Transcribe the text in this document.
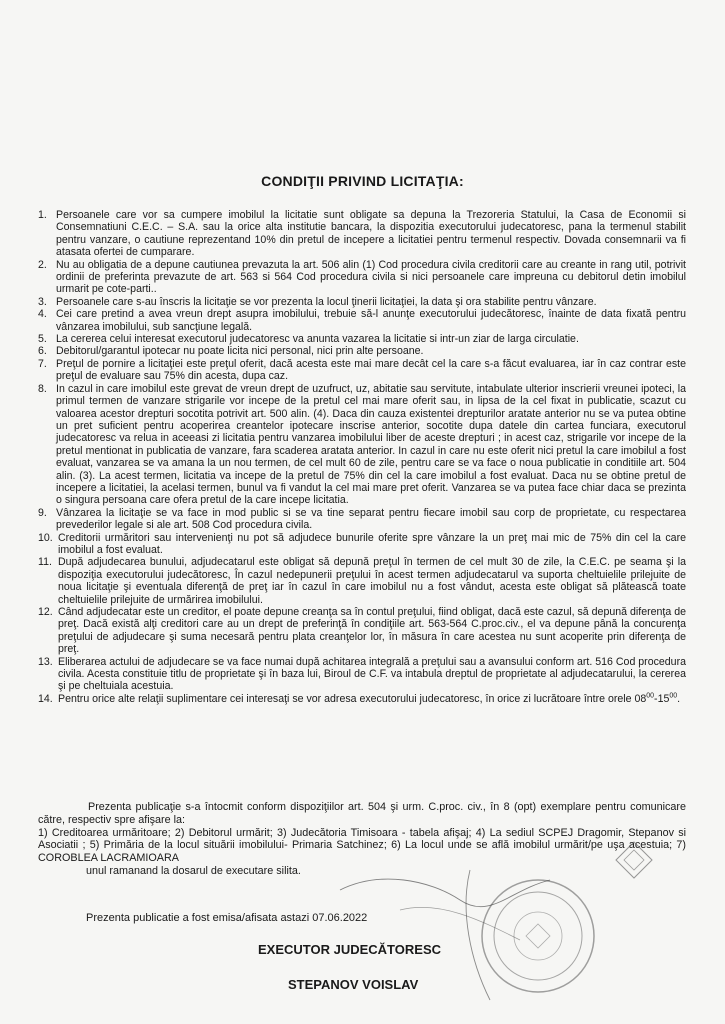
CONDIŢII PRIVIND LICITAŢIA:
1. Persoanele care vor sa cumpere imobilul la licitatie sunt obligate sa depuna la Trezoreria Statului, la Casa de Economii si Consemnatiuni C.E.C. – S.A. sau la orice alta institutie bancara, la dispozitia executorului judecatoresc, pana la termenul stabilit pentru vanzare, o cautiune reprezentand 10% din pretul de incepere a licitatiei pentru termenul respectiv. Dovada consemnarii va fi atasata ofertei de cumparare.
2. Nu au obligatia de a depune cautiunea prevazuta la art. 506 alin (1) Cod procedura civila creditorii care au creante in rang util, potrivit ordinii de preferinta prevazute de art. 563 si 564 Cod procedura civila si nici persoanele care impreuna cu debitorul detin imobilul urmarit pe cote-parti..
3. Persoanele care s-au înscris la licitaţie se vor prezenta la locul ţinerii licitaţiei, la data şi ora stabilite pentru vânzare.
4. Cei care pretind a avea vreun drept asupra imobilului, trebuie să-l anunţe executorului judecătoresc, înainte de data fixată pentru vânzarea imobilului, sub sancţiune legală.
5. La cererea celui interesat executorul judecatoresc va anunta vazarea la licitatie si intr-un ziar de larga circulatie.
6. Debitorul/garantul ipotecar nu poate licita nici personal, nici prin alte persoane.
7. Preţul de pornire a licitaţiei este preţul oferit, dacă acesta este mai mare decât cel la care s-a făcut evaluarea, iar în caz contrar este preţul de evaluare sau 75% din acesta, dupa caz.
8. In cazul in care imobilul este grevat de vreun drept de uzufruct, uz, abitatie sau servitute, intabulate ulterior inscrierii vreunei ipoteci, la primul termen de vanzare strigarile vor incepe de la pretul cel mai mare oferit sau, in lipsa de la cel fixat in publicatie, scazut cu valoarea acestor drepturi socotita potrivit art. 500 alin. (4). Daca din cauza existentei drepturilor aratate anterior nu se va putea obtine un pret suficient pentru acoperirea creantelor ipotecare inscrise anterior, socotite dupa datele din cartea funciara, executorul judecatoresc va relua in aceeasi zi licitatia pentru vanzarea imobilului liber de aceste drepturi ; in acest caz, strigarile vor incepe de la pretul mentionat in publicatia de vanzare, fara scaderea aratata anterior. In cazul in care nu este oferit nici pretul la care imobilul a fost evaluat, vanzarea se va amana la un nou termen, de cel mult 60 de zile, pentru care se va face o noua publicatie in conditiile art. 504 alin. (3). La acest termen, licitatia va incepe de la pretul de 75% din cel la care imobilul a fost evaluat. Daca nu se obtine pretul de incepere a licitatiei, la acelasi termen, bunul va fi vandut la cel mai mare pret oferit. Vanzarea se va putea face chiar daca se prezinta o singura persoana care ofera pretul de la care incepe licitatia.
9. Vânzarea la licitaţie se va face in mod public si se va tine separat pentru fiecare imobil sau corp de proprietate, cu respectarea prevederilor legale si ale art. 508 Cod procedura civila.
10. Creditorii urmăritori sau intervenienţi nu pot să adjudece bunurile oferite spre vânzare la un preţ mai mic de 75% din cel la care imobilul a fost evaluat.
11. După adjudecarea bunului, adjudecatarul este obligat să depună preţul în termen de cel mult 30 de zile, la C.E.C. pe seama şi la dispoziţia executorului judecătoresc, În cazul nedepunerii preţului în acest termen adjudecatarul va suporta cheltuielile prilejuite de noua licitaţie şi eventuala diferenţă de preţ iar în cazul în care imobilul nu a fost vândut, acesta este obligat să plătească toate cheltuielile prilejuite de urmărirea imobilului.
12. Când adjudecatar este un creditor, el poate depune creanţa sa în contul preţului, fiind obligat, dacă este cazul, să depună diferenţa de preţ. Dacă există alţi creditori care au un drept de preferinţă în condiţiile art. 563-564 C.proc.civ., el va depune până la concurenţa preţului de adjudecare şi suma necesară pentru plata creanţelor lor, în măsura în care acestea nu sunt acoperite prin diferenţa de preţ.
13. Eliberarea actului de adjudecare se va face numai după achitarea integrală a preţului sau a avansului conform art. 516 Cod procedura civila. Acesta constituie titlu de proprietate şi în baza lui, Biroul de C.F. va intabula dreptul de proprietate al adjudecatarului, la cererea şi pe cheltuiala acestuia.
14. Pentru orice alte relaţii suplimentare cei interesaţi se vor adresa executorului judecatoresc, în orice zi lucrătoare între orele $08^{00}-15^{00}$.
Prezenta publicaţie s-a întocmit conform dispoziţiilor art. 504 şi urm. C.proc. civ., în 8 (opt) exemplare pentru comunicare către, respectiv spre afişare la:
1) Creditoarea urmăritoare; 2) Debitorul urmărit; 3) Judecătoria Timisoara - tabela afişaj; 4) La sediul SCPEJ Dragomir, Stepanov si Asociatii ; 5) Primăria de la locul situării imobilului- Primaria Satchinez; 6) La locul unde se află imobilul urmărit/pe uşa acestuia; 7) COROBLEA LACRAMIOARA
unul ramanand la dosarul de executare silita.
Prezenta publicatie a fost emisa/afisata astazi 07.06.2022
EXECUTOR JUDECĂTORESC
STEPANOV VOISLAV
